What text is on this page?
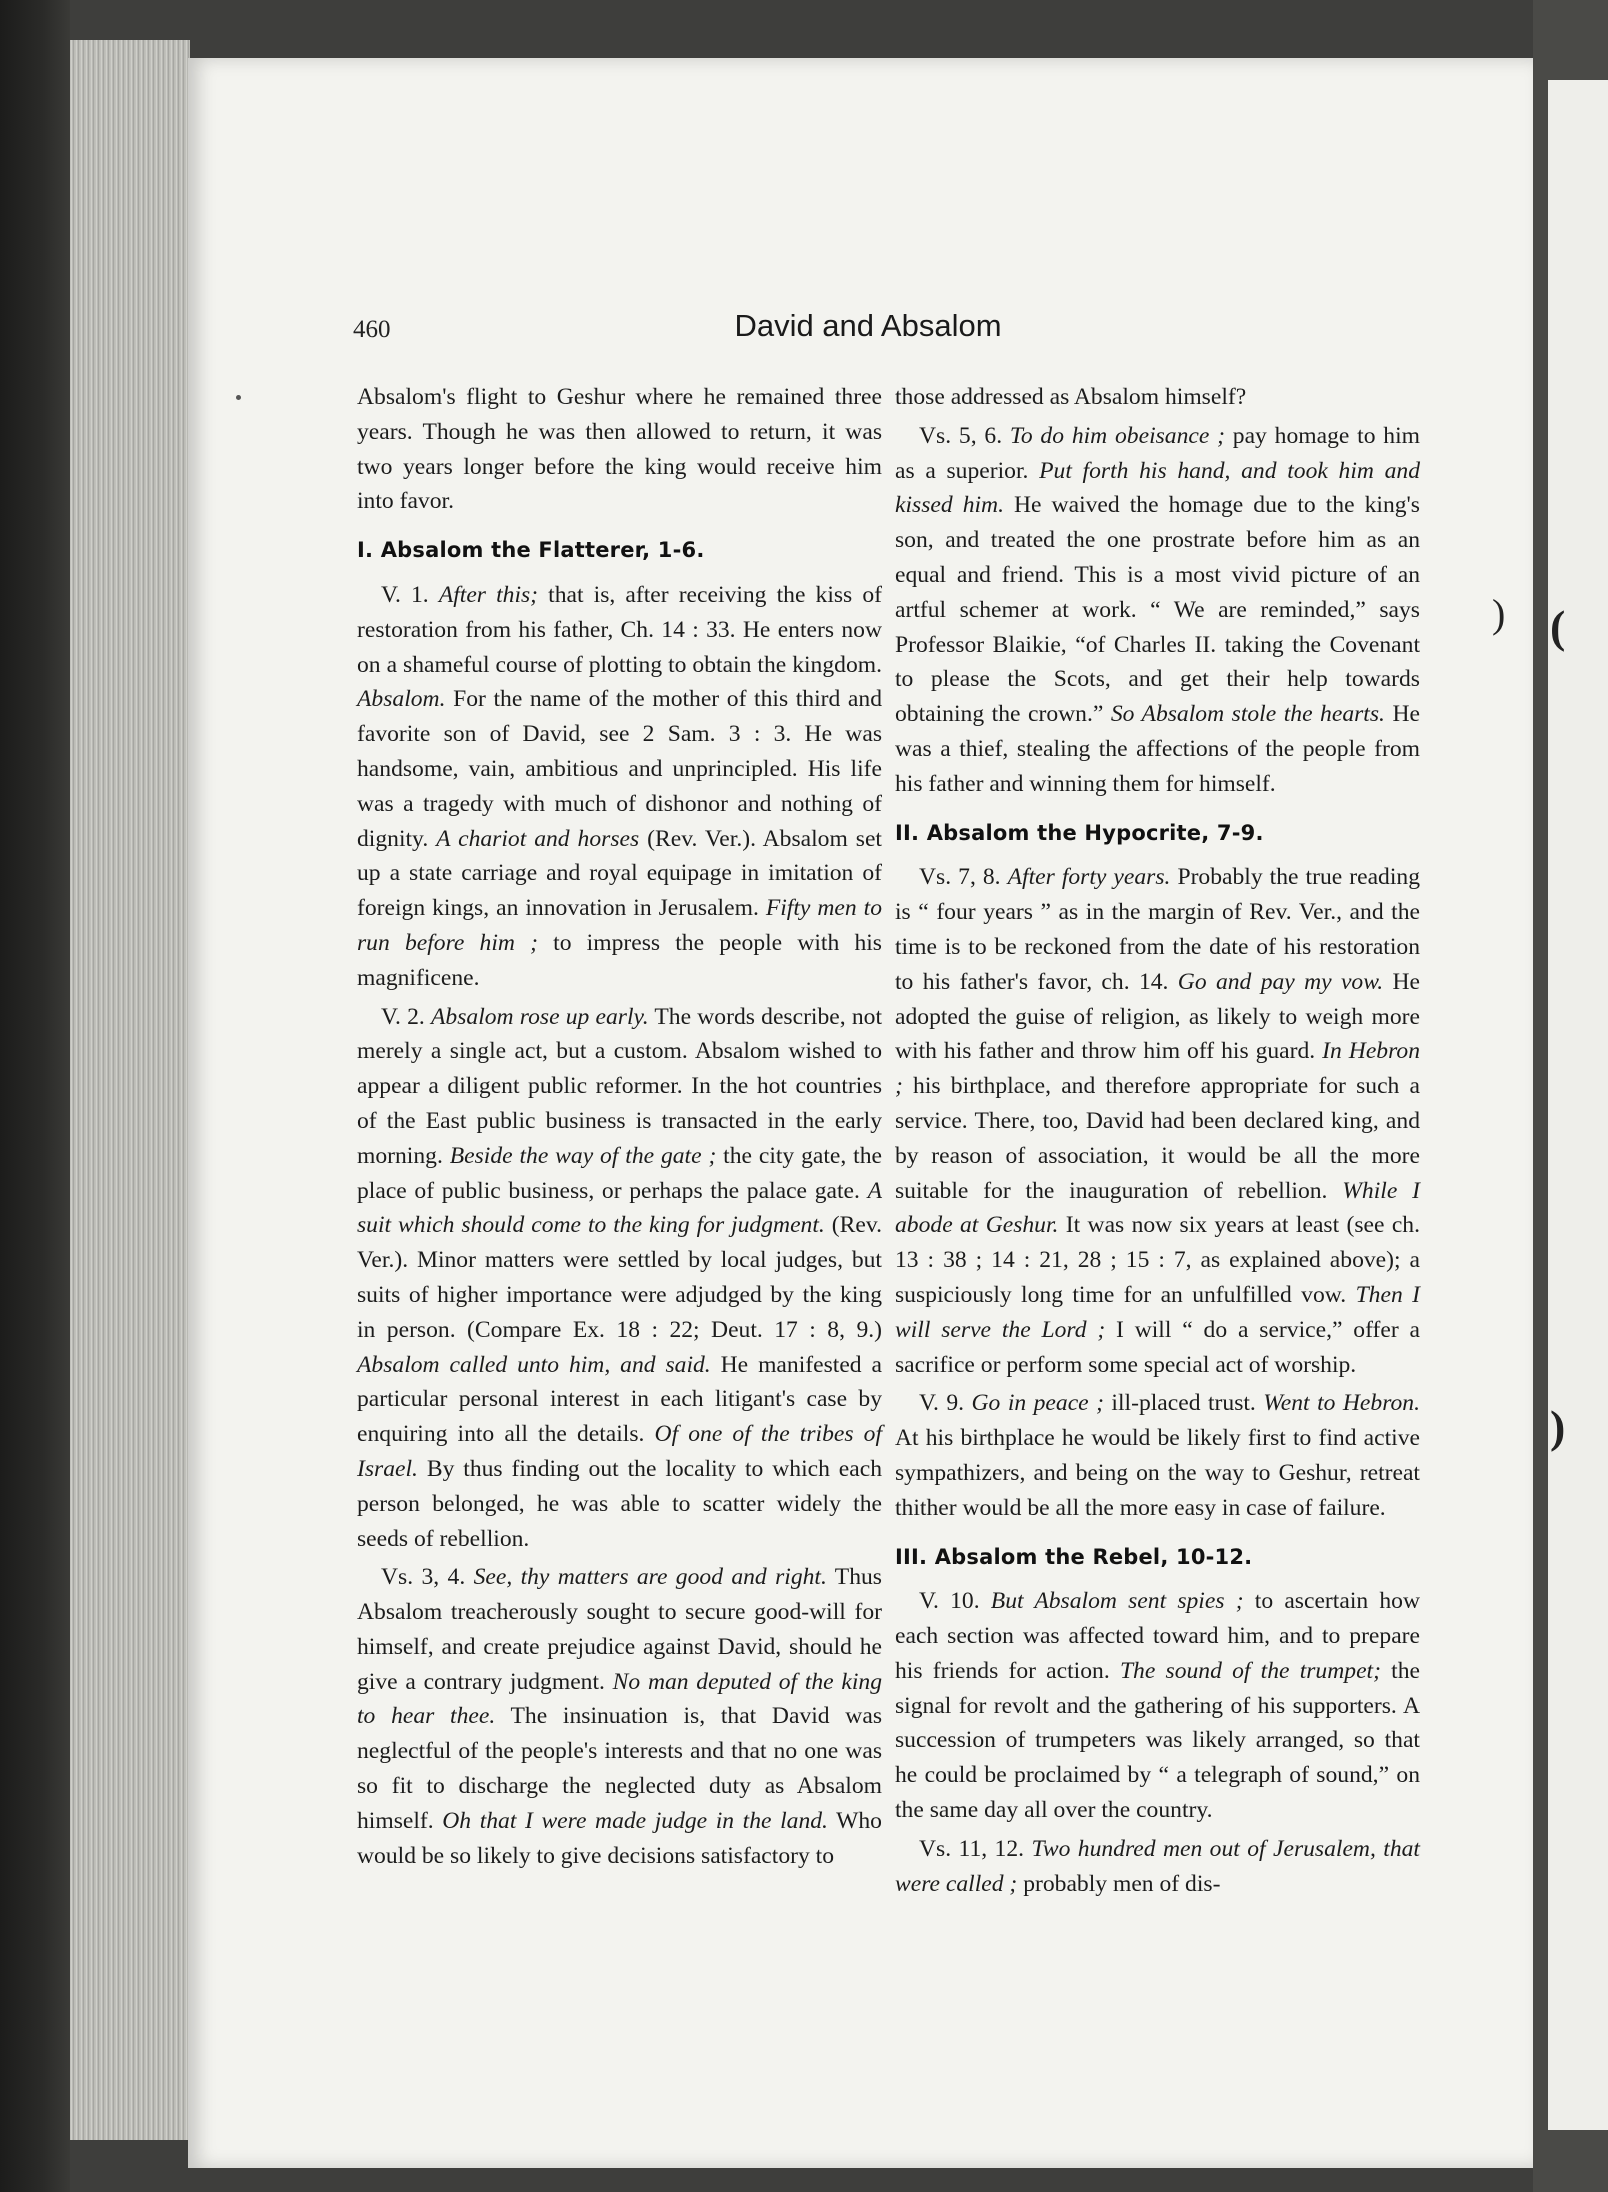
(
)
)
460	David and Absalom

Absalom's flight to Geshur where he remained three years. Though he was then allowed to return, it was two years longer before the king would receive him into favor.

I. Absalom the Flatterer, 1-6.

V. 1. After this; that is, after receiving the kiss of restoration from his father, Ch. 14 : 33. He enters now on a shameful course of plotting to obtain the kingdom. Absalom. For the name of the mother of this third and favorite son of David, see 2 Sam. 3 : 3. He was handsome, vain, ambitious and unprincipled. His life was a tragedy with much of dishonor and nothing of dignity. A chariot and horses (Rev. Ver.). Absalom set up a state carriage and royal equipage in imitation of foreign kings, an innovation in Jerusalem. Fifty men to run before him ; to impress the people with his magnificene.

V. 2. Absalom rose up early. The words describe, not merely a single act, but a custom. Absalom wished to appear a diligent public reformer. In the hot countries of the East public business is transacted in the early morning. Beside the way of the gate ; the city gate, the place of public business, or perhaps the palace gate. A suit which should come to the king for judgment. (Rev. Ver.). Minor matters were settled by local judges, but suits of higher importance were adjudged by the king in person. (Compare Ex. 18 : 22; Deut. 17 : 8, 9.) Absalom called unto him, and said. He manifested a particular personal interest in each litigant's case by enquiring into all the details. Of one of the tribes of Israel. By thus finding out the locality to which each person belonged, he was able to scatter widely the seeds of rebellion.

Vs. 3, 4. See, thy matters are good and right. Thus Absalom treacherously sought to secure good-will for himself, and create prejudice against David, should he give a contrary judgment. No man deputed of the king to hear thee. The insinuation is, that David was neglectful of the people's interests and that no one was so fit to discharge the neglected duty as Absalom himself. Oh that I were made judge in the land. Who would be so likely to give decisions satisfactory to

those addressed as Absalom himself?

Vs. 5, 6. To do him obeisance ; pay homage to him as a superior. Put forth his hand, and took him and kissed him. He waived the homage due to the king's son, and treated the one prostrate before him as an equal and friend. This is a most vivid picture of an artful schemer at work. “ We are reminded,” says Professor Blaikie, “of Charles II. taking the Covenant to please the Scots, and get their help towards obtaining the crown.” So Absalom stole the hearts. He was a thief, stealing the affections of the people from his father and winning them for himself.

II. Absalom the Hypocrite, 7-9.

Vs. 7, 8. After forty years. Probably the true reading is “ four years ” as in the margin of Rev. Ver., and the time is to be reckoned from the date of his restoration to his father's favor, ch. 14. Go and pay my vow. He adopted the guise of religion, as likely to weigh more with his father and throw him off his guard. In Hebron ; his birthplace, and therefore appropriate for such a service. There, too, David had been declared king, and by reason of association, it would be all the more suitable for the inauguration of rebellion. While I abode at Geshur. It was now six years at least (see ch. 13 : 38 ; 14 : 21, 28 ; 15 : 7, as explained above); a suspiciously long time for an unfulfilled vow. Then I will serve the Lord ; I will “ do a service,” offer a sacrifice or perform some special act of worship.

V. 9. Go in peace ; ill-placed trust. Went to Hebron. At his birthplace he would be likely first to find active sympathizers, and being on the way to Geshur, retreat thither would be all the more easy in case of failure.

III. Absalom the Rebel, 10-12.

V. 10. But Absalom sent spies ; to ascertain how each section was affected toward him, and to prepare his friends for action. The sound of the trumpet; the signal for revolt and the gathering of his supporters. A succession of trumpeters was likely arranged, so that he could be proclaimed by “ a telegraph of sound,” on the same day all over the country.

Vs. 11, 12. Two hundred men out of Jerusalem, that were called ; probably men of dis-
